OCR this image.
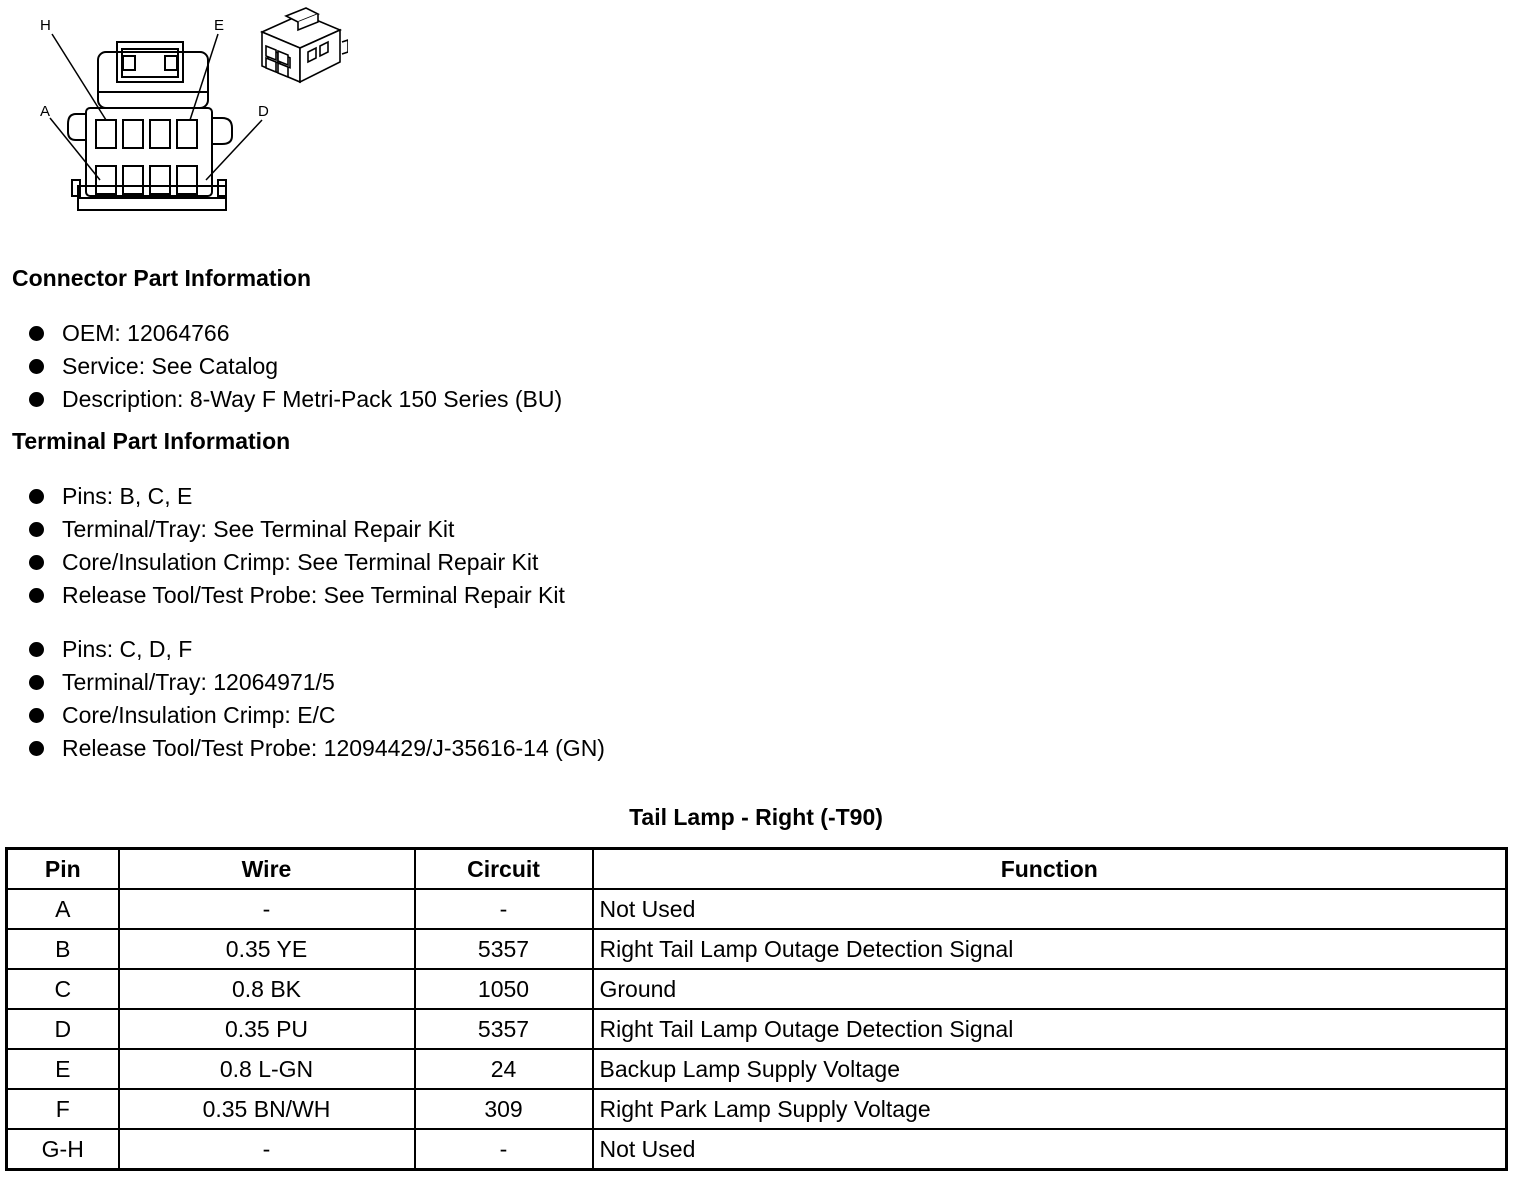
H	E
A	D
Connector Part Information
OEM: 12064766
Service: See Catalog
Description: 8-Way F Metri-Pack 150 Series (BU)
Terminal Part Information
Pins: B, C, E
Terminal/Tray: See Terminal Repair Kit
Core/Insulation Crimp: See Terminal Repair Kit
Release Tool/Test Probe: See Terminal Repair Kit
Pins: C, D, F
Terminal/Tray: 12064971/5
Core/Insulation Crimp: E/C
Release Tool/Test Probe: 12094429/J-35616-14 (GN)
Tail Lamp - Right (-T90)
Pin	Wire	Circuit	Function
A	-	-	Not Used
B	0.35 YE	5357	Right Tail Lamp Outage Detection Signal
C	0.8 BK	1050	Ground
D	0.35 PU	5357	Right Tail Lamp Outage Detection Signal
E	0.8 L-GN	24	Backup Lamp Supply Voltage
F	0.35 BN/WH	309	Right Park Lamp Supply Voltage
G-H	-	-	Not Used
